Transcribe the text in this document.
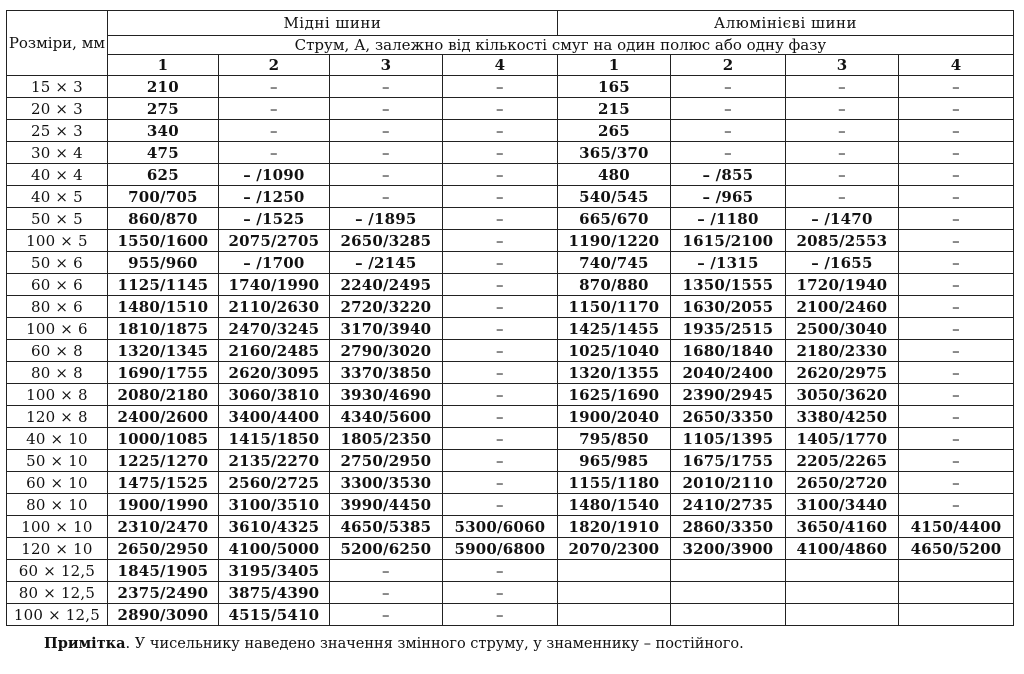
Розміри, мм	Мідні шини				Алюмінієві шини			
	Струм, А, залежно від кількості смуг на один полюс або одну фазу							
	1	2	3	4	1	2	3	4
15 × 3	210	–	–	–	165	–	–	–
20 × 3	275	–	–	–	215	–	–	–
25 × 3	340	–	–	–	265	–	–	–
30 × 4	475	–	–	–	365/370	–	–	–
40 × 4	625	– /1090	–	–	480	– /855	–	–
40 × 5	700/705	– /1250	–	–	540/545	– /965	–	–
50 × 5	860/870	– /1525	– /1895	–	665/670	– /1180	– /1470	–
100 × 5	1550/1600	2075/2705	2650/3285	–	1190/1220	1615/2100	2085/2553	–
50 × 6	955/960	– /1700	– /2145	–	740/745	– /1315	– /1655	–
60 × 6	1125/1145	1740/1990	2240/2495	–	870/880	1350/1555	1720/1940	–
80 × 6	1480/1510	2110/2630	2720/3220	–	1150/1170	1630/2055	2100/2460	–
100 × 6	1810/1875	2470/3245	3170/3940	–	1425/1455	1935/2515	2500/3040	–
60 × 8	1320/1345	2160/2485	2790/3020	–	1025/1040	1680/1840	2180/2330	–
80 × 8	1690/1755	2620/3095	3370/3850	–	1320/1355	2040/2400	2620/2975	–
100 × 8	2080/2180	3060/3810	3930/4690	–	1625/1690	2390/2945	3050/3620	–
120 × 8	2400/2600	3400/4400	4340/5600	–	1900/2040	2650/3350	3380/4250	–
40 × 10	1000/1085	1415/1850	1805/2350	–	795/850	1105/1395	1405/1770	–
50 × 10	1225/1270	2135/2270	2750/2950	–	965/985	1675/1755	2205/2265	–
60 × 10	1475/1525	2560/2725	3300/3530	–	1155/1180	2010/2110	2650/2720	–
80 × 10	1900/1990	3100/3510	3990/4450	–	1480/1540	2410/2735	3100/3440	–
100 × 10	2310/2470	3610/4325	4650/5385	5300/6060	1820/1910	2860/3350	3650/4160	4150/4400
120 × 10	2650/2950	4100/5000	5200/6250	5900/6800	2070/2300	3200/3900	4100/4860	4650/5200
60 × 12,5	1845/1905	3195/3405	–	–				
80 × 12,5	2375/2490	3875/4390	–	–				
100 × 12,5	2890/3090	4515/5410	–	–				
Примітка. У чисельнику наведено значення змінного струму, у знаменнику – постійного.
